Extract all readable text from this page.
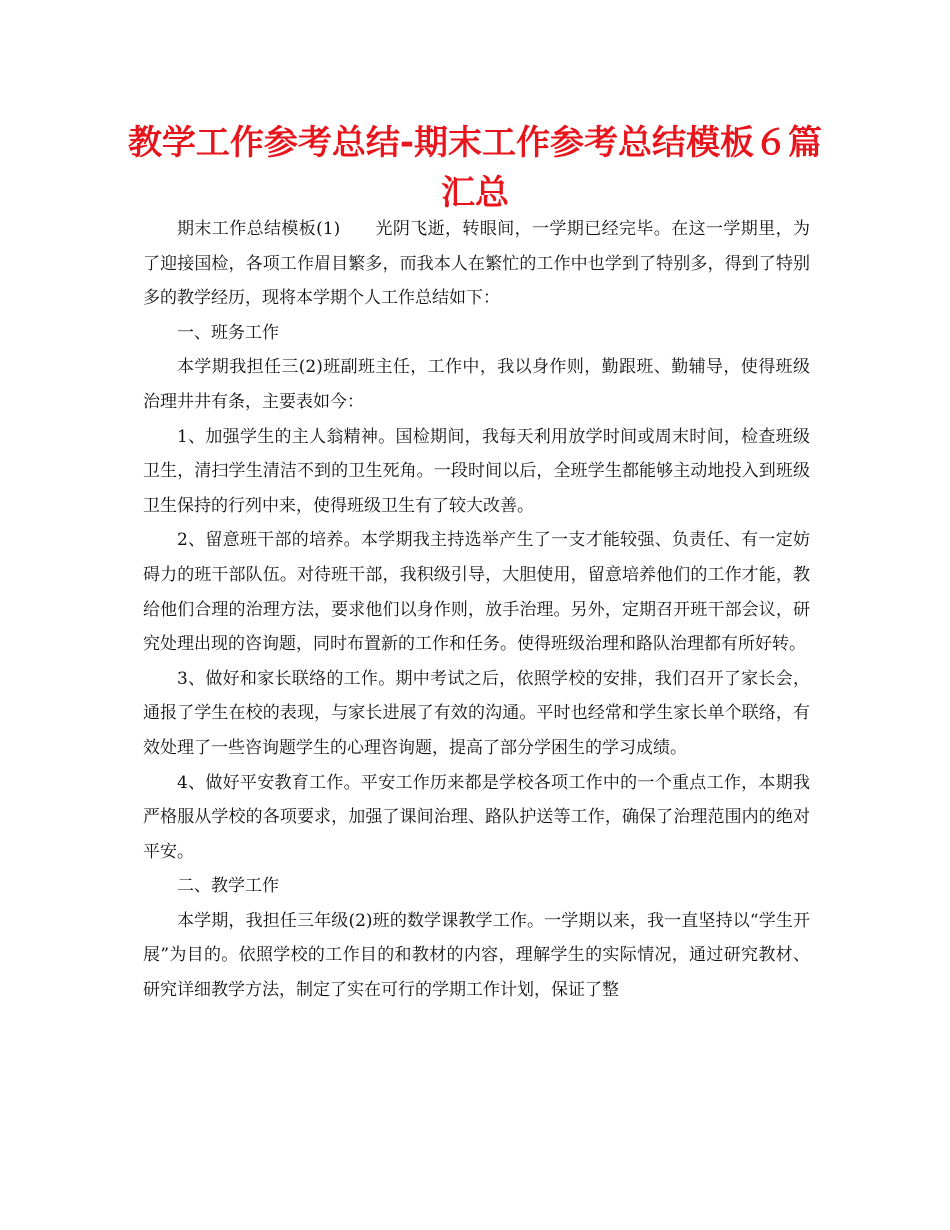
教学工作参考总结-期末工作参考总结模板６篇汇总

期末工作总结模板(1)　　光阴飞逝，转眼间，一学期已经完毕。在这一学期里，为了迎接国检，各项工作眉目繁多，而我本人在繁忙的工作中也学到了特别多，得到了特别多的教学经历，现将本学期个人工作总结如下：

一、班务工作

本学期我担任三(2)班副班主任，工作中，我以身作则，勤跟班、勤辅导，使得班级治理井井有条，主要表如今：

1、加强学生的主人翁精神。国检期间，我每天利用放学时间或周末时间，检查班级卫生，清扫学生清洁不到的卫生死角。一段时间以后，全班学生都能够主动地投入到班级卫生保持的行列中来，使得班级卫生有了较大改善。

2、留意班干部的培养。本学期我主持选举产生了一支才能较强、负责任、有一定妨碍力的班干部队伍。对待班干部，我积级引导，大胆使用，留意培养他们的工作才能，教给他们合理的治理方法，要求他们以身作则，放手治理。另外，定期召开班干部会议，研究处理出现的咨询题，同时布置新的工作和任务。使得班级治理和路队治理都有所好转。

3、做好和家长联络的工作。期中考试之后，依照学校的安排，我们召开了家长会，通报了学生在校的表现，与家长进展了有效的沟通。平时也经常和学生家长单个联络，有效处理了一些咨询题学生的心理咨询题，提高了部分学困生的学习成绩。

4、做好平安教育工作。平安工作历来都是学校各项工作中的一个重点工作，本期我严格服从学校的各项要求，加强了课间治理、路队护送等工作，确保了治理范围内的绝对平安。

二、教学工作

本学期，我担任三年级(2)班的数学课教学工作。一学期以来，我一直坚持以“学生开展”为目的。依照学校的工作目的和教材的内容，理解学生的实际情况，通过研究教材、研究详细教学方法，制定了实在可行的学期工作计划，保证了整
